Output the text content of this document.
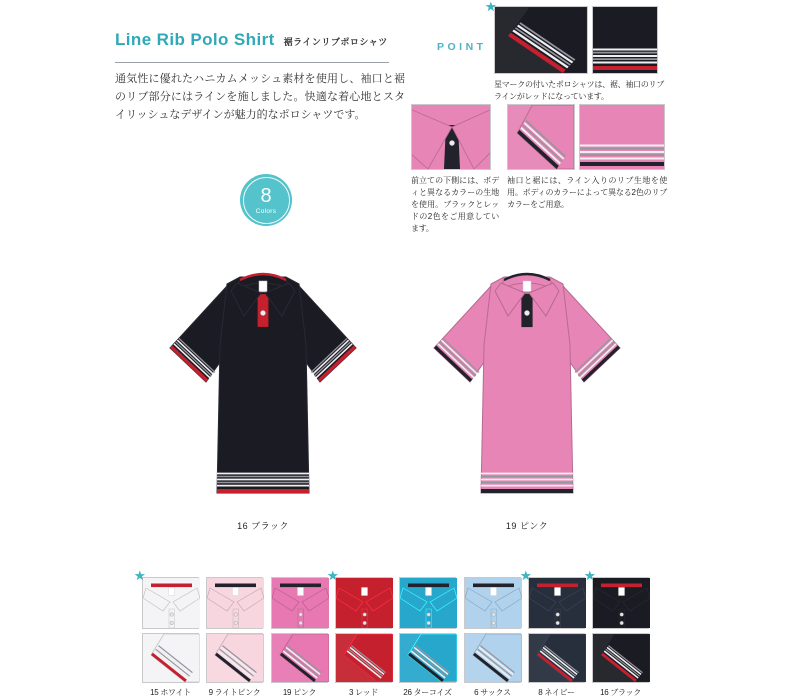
Line Rib Polo Shirt 裾ラインリブポロシャツ

通気性に優れたハニカムメッシュ素材を使用し、袖口と裾のリブ部分にはラインを施しました。快適な着心地とスタイリッシュなデザインが魅力的なポロシャツです。

POINT
★
星マークの付いたポロシャツは、裾、袖口のリブラインがレッドになっています。
前立ての下側には、ボディと異なるカラーの生地を使用。ブラックとレッドの2色をご用意しています。
袖口と裾には、ライン入りのリブ生地を使用。ボディのカラーによって異なる2色のリブカラーをご用意。
8
Colors
16 ブラック	19 ピンク
★
15 ホワイト	9 ライトピンク	19 ピンク
★
3 レッド	26 ターコイズ	6 サックス
★
8 ネイビー
★
16 ブラック
